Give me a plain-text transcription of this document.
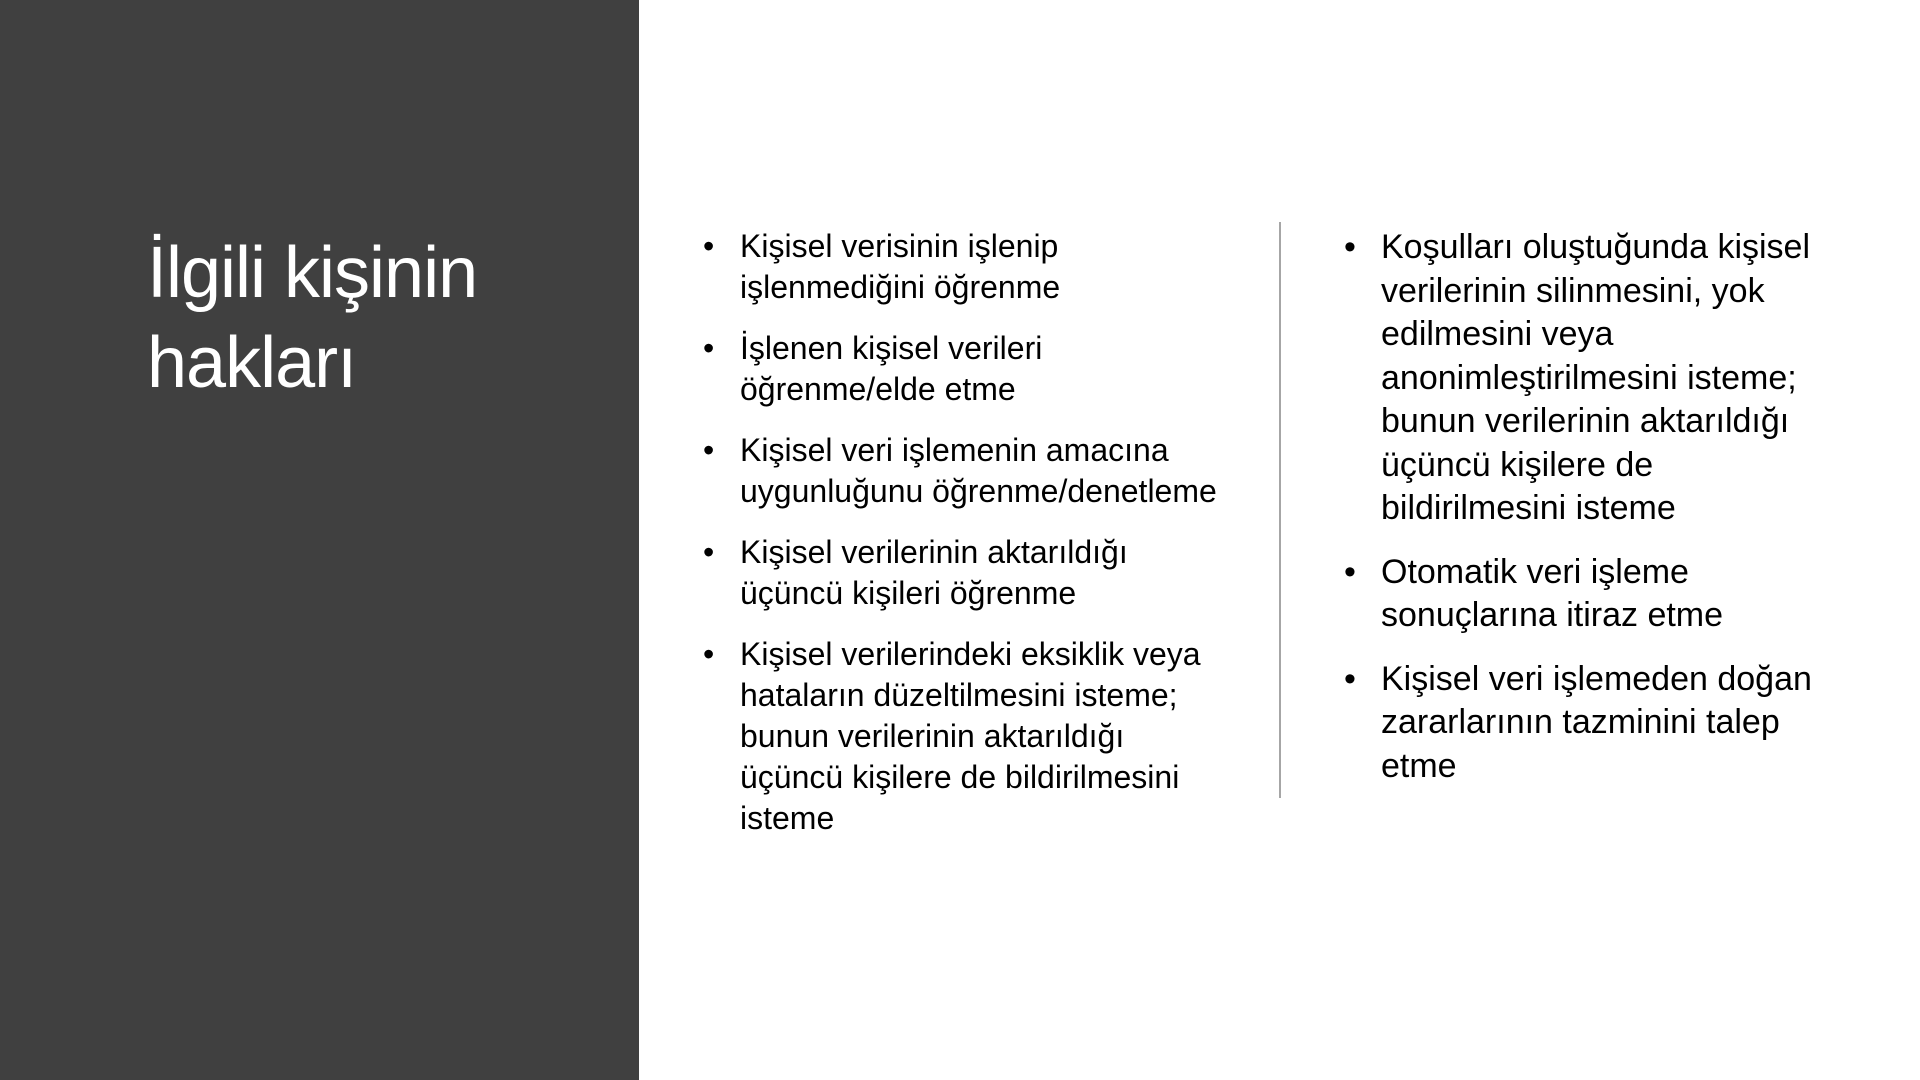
İlgili kişinin hakları
• Kişisel verisinin işlenip işlenmediğini öğrenme
• İşlenen kişisel verileri öğrenme/elde etme
• Kişisel veri işlemenin amacına uygunluğunu öğrenme/denetleme
• Kişisel verilerinin aktarıldığı üçüncü kişileri öğrenme
• Kişisel verilerindeki eksiklik veya hataların düzeltilmesini isteme; bunun verilerinin aktarıldığı üçüncü kişilere de bildirilmesini isteme
• Koşulları oluştuğunda kişisel verilerinin silinmesini, yok edilmesini veya anonimleştirilmesini isteme; bunun verilerinin aktarıldığı üçüncü kişilere de bildirilmesini isteme
• Otomatik veri işleme sonuçlarına itiraz etme
• Kişisel veri işlemeden doğan zararlarının tazminini talep etme
